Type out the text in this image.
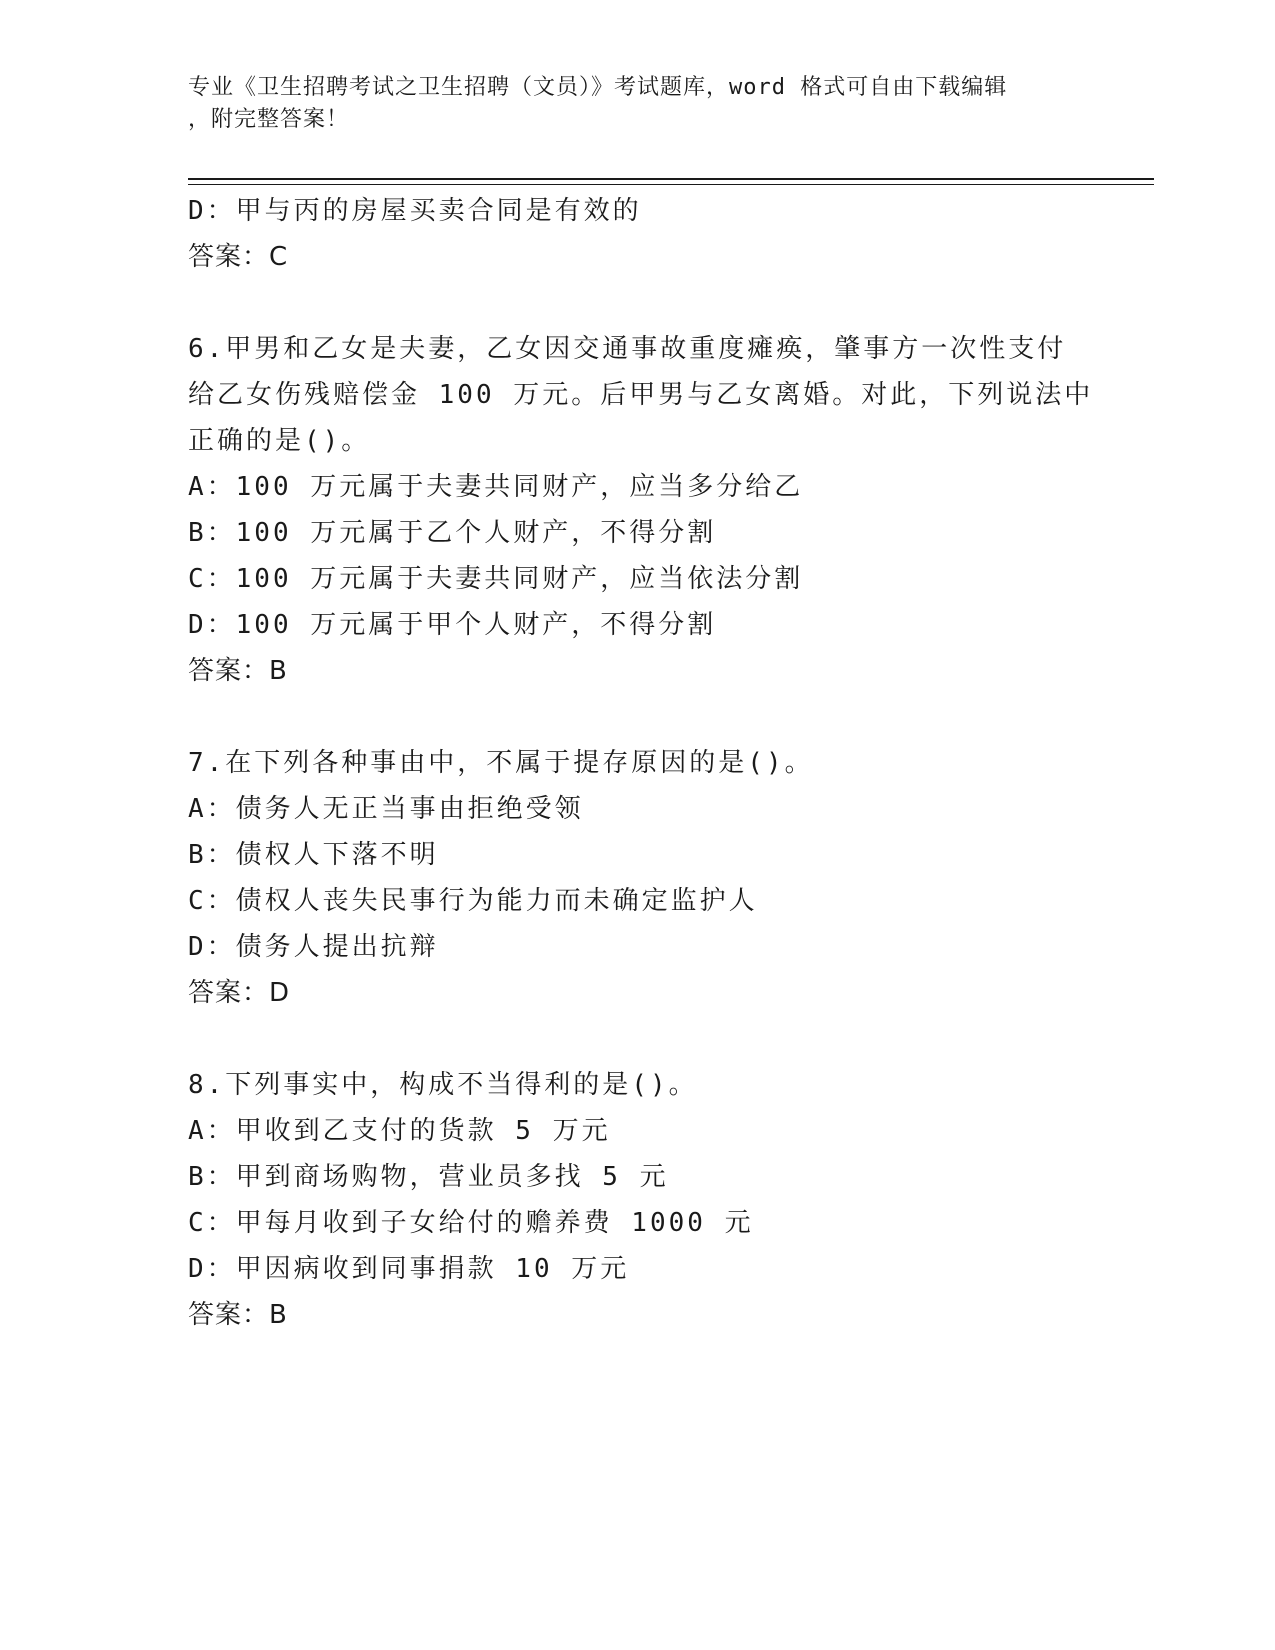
专业《卫生招聘考试之卫生招聘（文员）》考试题库，word 格式可自由下载编辑
，附完整答案！
D：甲与丙的房屋买卖合同是有效的
答案：C
6.甲男和乙女是夫妻，乙女因交通事故重度瘫痪，肇事方一次性支付
给乙女伤残赔偿金 100 万元。后甲男与乙女离婚。对此，下列说法中
正确的是()。
A：100 万元属于夫妻共同财产，应当多分给乙
B：100 万元属于乙个人财产，不得分割
C：100 万元属于夫妻共同财产，应当依法分割
D：100 万元属于甲个人财产，不得分割
答案：B
7.在下列各种事由中，不属于提存原因的是()。
A：债务人无正当事由拒绝受领
B：债权人下落不明
C：债权人丧失民事行为能力而未确定监护人
D：债务人提出抗辩
答案：D
8.下列事实中，构成不当得利的是()。
A：甲收到乙支付的货款 5 万元
B：甲到商场购物，营业员多找 5 元
C：甲每月收到子女给付的赡养费 1000 元
D：甲因病收到同事捐款 10 万元
答案：B
